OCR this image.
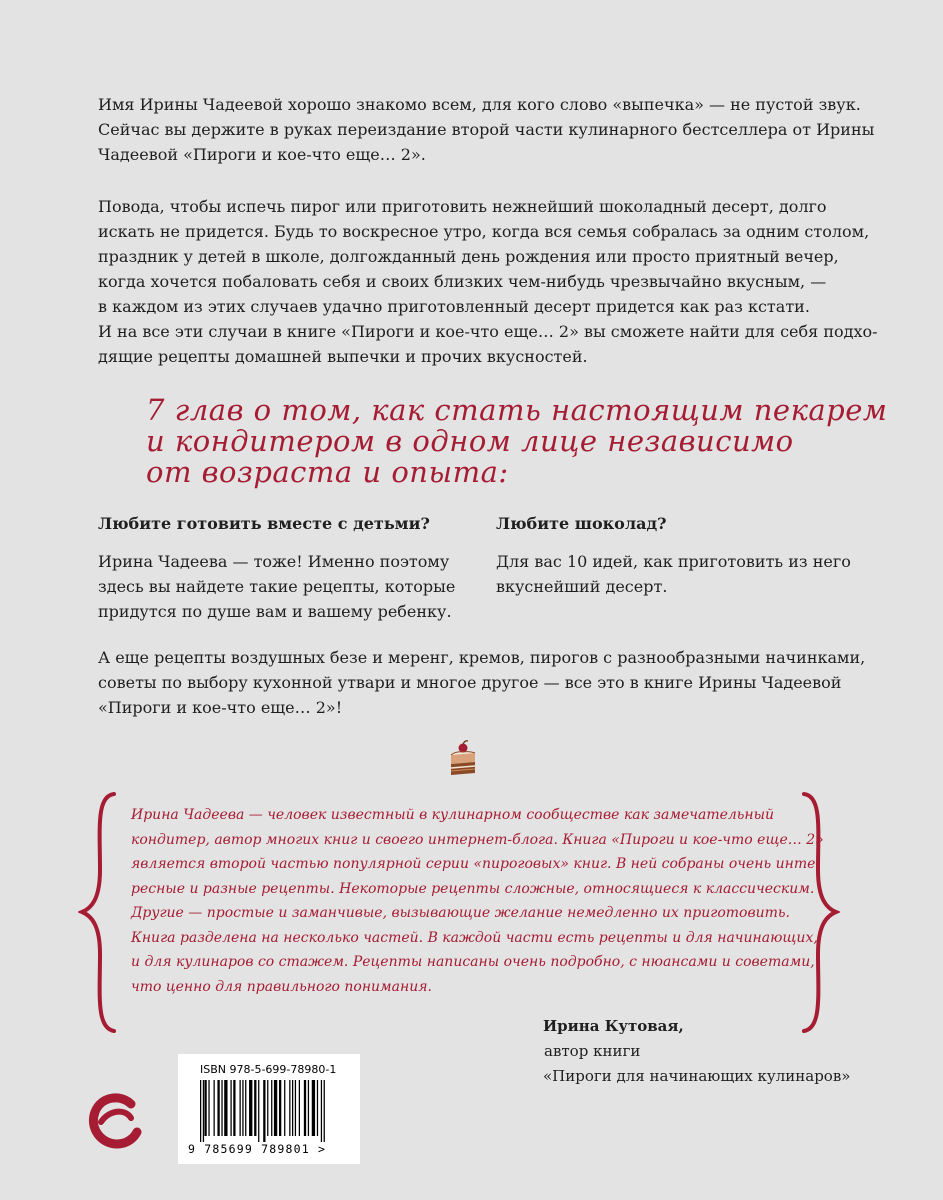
Имя Ирины Чадеевой хорошо знакомо всем, для кого слово «выпечка» — не пустой звук.
Сейчас вы держите в руках переиздание второй части кулинарного бестселлера от Ирины
Чадеевой «Пироги и кое-что еще… 2».
Повода, чтобы испечь пирог или приготовить нежнейший шоколадный десерт, долго
искать не придется. Будь то воскресное утро, когда вся семья собралась за одним столом,
праздник у детей в школе, долгожданный день рождения или просто приятный вечер,
когда хочется побаловать себя и своих близких чем-нибудь чрезвычайно вкусным, —
в каждом из этих случаев удачно приготовленный десерт придется как раз кстати.
И на все эти случаи в книге «Пироги и кое-что еще… 2» вы сможете найти для себя подхо-
дящие рецепты домашней выпечки и прочих вкусностей.
7 глав о том, как стать настоящим пекарем
и кондитером в одном лице независимо
от возраста и опыта:
Любите готовить вместе с детьми?

Ирина Чадеева — тоже! Именно поэтому
здесь вы найдете такие рецепты, которые
придутся по душе вам и вашему ребенку.

Любите шоколад?

Для вас 10 идей, как приготовить из него
вкуснейший десерт.

А еще рецепты воздушных безе и меренг, кремов, пирогов с разнообразными начинками,
советы по выбору кухонной утвари и многое другое — все это в книге Ирины Чадеевой
«Пироги и кое-что еще… 2»!

Ирина Чадеева — человек известный в кулинарном сообществе как замечательный
кондитер, автор многих книг и своего интернет-блога. Книга «Пироги и кое-что еще… 2»
является второй частью популярной серии «пироговых» книг. В ней собраны очень инте-
ресные и разные рецепты. Некоторые рецепты сложные, относящиеся к классическим.
Другие — простые и заманчивые, вызывающие желание немедленно их приготовить.
Книга разделена на несколько частей. В каждой части есть рецепты и для начинающих,
и для кулинаров со стажем. Рецепты написаны очень подробно, с нюансами и советами,
что ценно для правильного понимания.

Ирина Кутовая,
автор книги
«Пироги для начинающих кулинаров»
ISBN 978-5-699-78980-1
9 785699 789801 >
